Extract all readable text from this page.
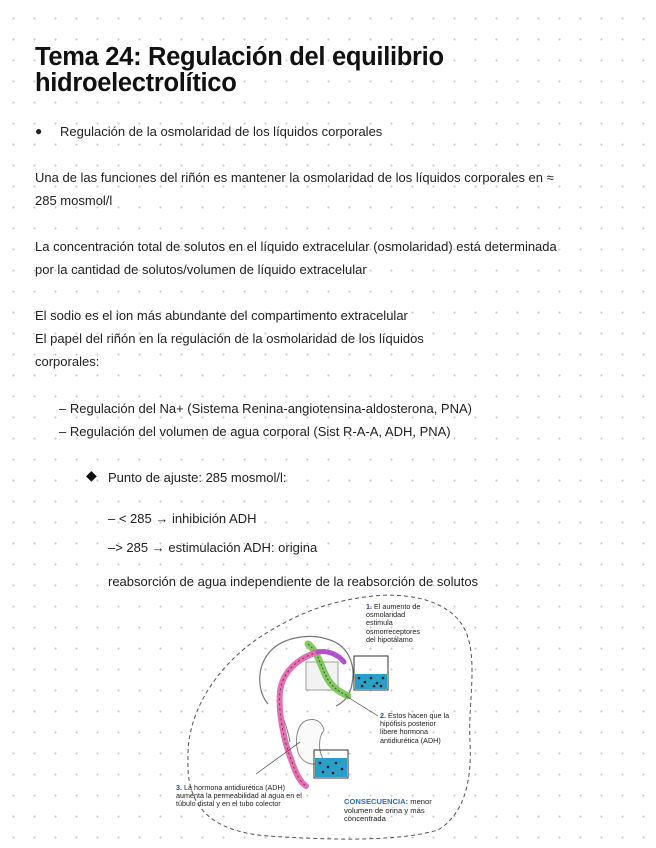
Tema 24: Regulación del equilibrio
hidroelectrolítico
● Regulación de la osmolaridad de los líquidos corporales
Una de las funciones del riñón es mantener la osmolaridad de los líquidos corporales en ≈
285 mosmol/l
La concentración total de solutos en el líquido extracelular (osmolaridad) está determinada
por la cantidad de solutos/volumen de líquido extracelular
El sodio es el ion más abundante del compartimento extracelular
El papel del riñón en la regulación de la osmolaridad de los líquidos
corporales:
– Regulación del Na+ (Sistema Renina-angiotensina-aldosterona, PNA)
– Regulación del volumen de agua corporal (Sist R-A-A, ADH, PNA)
◆ Punto de ajuste: 285 mosmol/l:
– < 285 → inhibición ADH
–> 285 → estimulación ADH: origina
reabsorción de agua independiente de la reabsorción de solutos
1. El aumento de osmolaridad estimula osmorreceptores del hipotálamo
2. Estos hacen que la hipófisis posterior libere hormona antidiurética (ADH)
3. La hormona antidiurética (ADH) aumenta la permeabilidad al agua en el túbulo distal y en el tubo colector	CONSECUENCIA: menor volumen de orina y más concentrada
